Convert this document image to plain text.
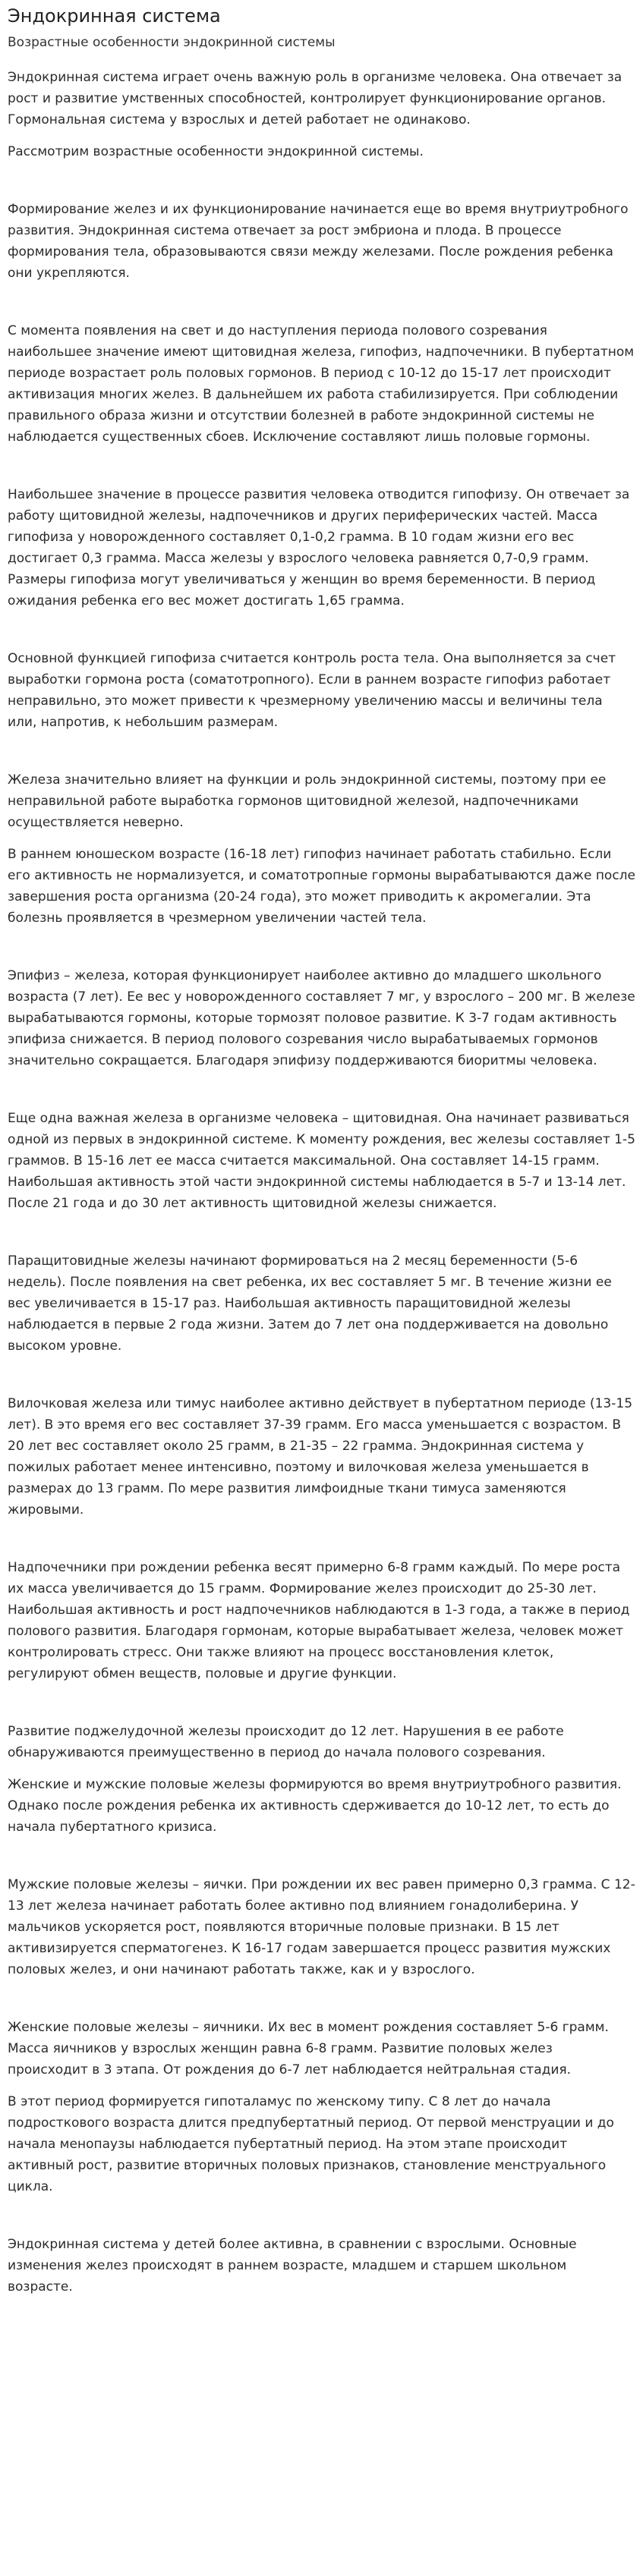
Эндокринная система
Возрастные особенности эндокринной системы

Эндокринная система играет очень важную роль в организме человека. Она отвечает за рост и развитие умственных способностей, контролирует функционирование органов. Гормональная система у взрослых и детей работает не одинаково.

Рассмотрим возрастные особенности эндокринной системы.

Формирование желез и их функционирование начинается еще во время внутриутробного развития. Эндокринная система отвечает за рост эмбриона и плода. В процессе формирования тела, образовываются связи между железами. После рождения ребенка они укрепляются.

С момента появления на свет и до наступления периода полового созревания наибольшее значение имеют щитовидная железа, гипофиз, надпочечники. В пубертатном периоде возрастает роль половых гормонов. В период с 10-12 до 15-17 лет происходит активизация многих желез. В дальнейшем их работа стабилизируется. При соблюдении правильного образа жизни и отсутствии болезней в работе эндокринной системы не наблюдается существенных сбоев. Исключение составляют лишь половые гормоны.

Наибольшее значение в процессе развития человека отводится гипофизу. Он отвечает за работу щитовидной железы, надпочечников и других периферических частей. Масса гипофиза у новорожденного составляет 0,1-0,2 грамма. В 10 годам жизни его вес достигает 0,3 грамма. Масса железы у взрослого человека равняется 0,7-0,9 грамм. Размеры гипофиза могут увеличиваться у женщин во время беременности. В период ожидания ребенка его вес может достигать 1,65 грамма.

Основной функцией гипофиза считается контроль роста тела. Она выполняется за счет выработки гормона роста (соматотропного). Если в раннем возрасте гипофиз работает неправильно, это может привести к чрезмерному увеличению массы и величины тела или, напротив, к небольшим размерам.

Железа значительно влияет на функции и роль эндокринной системы, поэтому при ее неправильной работе выработка гормонов щитовидной железой, надпочечниками осуществляется неверно.

В раннем юношеском возрасте (16-18 лет) гипофиз начинает работать стабильно. Если его активность не нормализуется, и соматотропные гормоны вырабатываются даже после завершения роста организма (20-24 года), это может приводить к акромегалии. Эта болезнь проявляется в чрезмерном увеличении частей тела.

Эпифиз – железа, которая функционирует наиболее активно до младшего школьного возраста (7 лет). Ее вес у новорожденного составляет 7 мг, у взрослого – 200 мг. В железе вырабатываются гормоны, которые тормозят половое развитие. К 3-7 годам активность эпифиза снижается. В период полового созревания число вырабатываемых гормонов значительно сокращается. Благодаря эпифизу поддерживаются биоритмы человека.

Еще одна важная железа в организме человека – щитовидная. Она начинает развиваться одной из первых в эндокринной системе. К моменту рождения, вес железы составляет 1-5 граммов. В 15-16 лет ее масса считается максимальной. Она составляет 14-15 грамм. Наибольшая активность этой части эндокринной системы наблюдается в 5-7 и 13-14 лет. После 21 года и до 30 лет активность щитовидной железы снижается.

Паращитовидные железы начинают формироваться на 2 месяц беременности (5-6 недель). После появления на свет ребенка, их вес составляет 5 мг. В течение жизни ее вес увеличивается в 15-17 раз. Наибольшая активность паращитовидной железы наблюдается в первые 2 года жизни. Затем до 7 лет она поддерживается на довольно высоком уровне.

Вилочковая железа или тимус наиболее активно действует в пубертатном периоде (13-15 лет). В это время его вес составляет 37-39 грамм. Его масса уменьшается с возрастом. В 20 лет вес составляет около 25 грамм, в 21-35 – 22 грамма. Эндокринная система у пожилых работает менее интенсивно, поэтому и вилочковая железа уменьшается в размерах до 13 грамм. По мере развития лимфоидные ткани тимуса заменяются жировыми.

Надпочечники при рождении ребенка весят примерно 6-8 грамм каждый. По мере роста их масса увеличивается до 15 грамм. Формирование желез происходит до 25-30 лет. Наибольшая активность и рост надпочечников наблюдаются в 1-3 года, а также в период полового развития. Благодаря гормонам, которые вырабатывает железа, человек может контролировать стресс. Они также влияют на процесс восстановления клеток, регулируют обмен веществ, половые и другие функции.

Развитие поджелудочной железы происходит до 12 лет. Нарушения в ее работе обнаруживаются преимущественно в период до начала полового созревания.

Женские и мужские половые железы формируются во время внутриутробного развития. Однако после рождения ребенка их активность сдерживается до 10-12 лет, то есть до начала пубертатного кризиса.

Мужские половые железы – яички. При рождении их вес равен примерно 0,3 грамма. С 12-13 лет железа начинает работать более активно под влиянием гонадолиберина. У мальчиков ускоряется рост, появляются вторичные половые признаки. В 15 лет активизируется сперматогенез. К 16-17 годам завершается процесс развития мужских половых желез, и они начинают работать также, как и у взрослого.

Женские половые железы – яичники. Их вес в момент рождения составляет 5-6 грамм. Масса яичников у взрослых женщин равна 6-8 грамм. Развитие половых желез происходит в 3 этапа. От рождения до 6-7 лет наблюдается нейтральная стадия.

В этот период формируется гипоталамус по женскому типу. С 8 лет до начала подросткового возраста длится предпубертатный период. От первой менструации и до начала менопаузы наблюдается пубертатный период. На этом этапе происходит активный рост, развитие вторичных половых признаков, становление менструального цикла.

Эндокринная система у детей более активна, в сравнении с взрослыми. Основные изменения желез происходят в раннем возрасте, младшем и старшем школьном возрасте.
